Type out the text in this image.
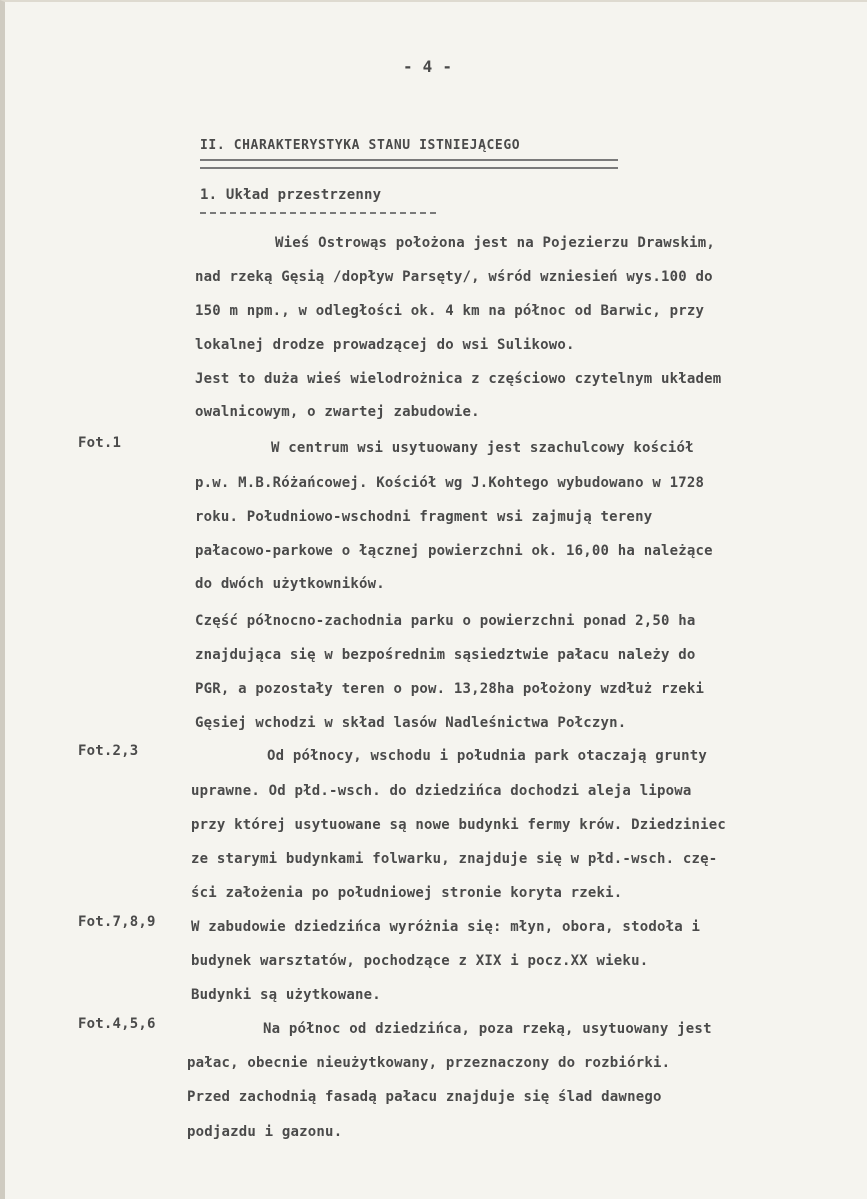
- 4 -
II. CHARAKTERYSTYKA STANU ISTNIEJĄCEGO
1. Układ przestrzenny
Wieś Ostrowąs położona jest na Pojezierzu Drawskim,
nad rzeką Gęsią /dopływ Parsęty/, wśród wzniesień wys.100 do
150 m npm., w odległości ok. 4 km na północ od Barwic, przy
lokalnej drodze prowadzącej do wsi Sulikowo.
Jest to duża wieś wielodrożnica z częściowo czytelnym układem
owalnicowym, o zwartej zabudowie.
Fot.1	W centrum wsi usytuowany jest szachulcowy kościół
p.w. M.B.Różańcowej. Kościół wg J.Kohtego wybudowano w 1728
roku. Południowo-wschodni fragment wsi zajmują tereny
pałacowo-parkowe o łącznej powierzchni ok. 16,00 ha należące
do dwóch użytkowników.
Część północno-zachodnia parku o powierzchni ponad 2,50 ha
znajdująca się w bezpośrednim sąsiedztwie pałacu należy do
PGR, a pozostały teren o pow. 13,28ha położony wzdłuż rzeki
Gęsiej wchodzi w skład lasów Nadleśnictwa Połczyn.
Fot.2,3	Od północy, wschodu i południa park otaczają grunty
uprawne. Od płd.-wsch. do dziedzińca dochodzi aleja lipowa
przy której usytuowane są nowe budynki fermy krów. Dziedziniec
ze starymi budynkami folwarku, znajduje się w płd.-wsch. czę-
ści założenia po południowej stronie koryta rzeki.
Fot.7,8,9	W zabudowie dziedzińca wyróżnia się: młyn, obora, stodoła i
budynek warsztatów, pochodzące z XIX i pocz.XX wieku.
Budynki są użytkowane.
Fot.4,5,6	Na północ od dziedzińca, poza rzeką, usytuowany jest
pałac, obecnie nieużytkowany, przeznaczony do rozbiórki.
Przed zachodnią fasadą pałacu znajduje się ślad dawnego
podjazdu i gazonu.
